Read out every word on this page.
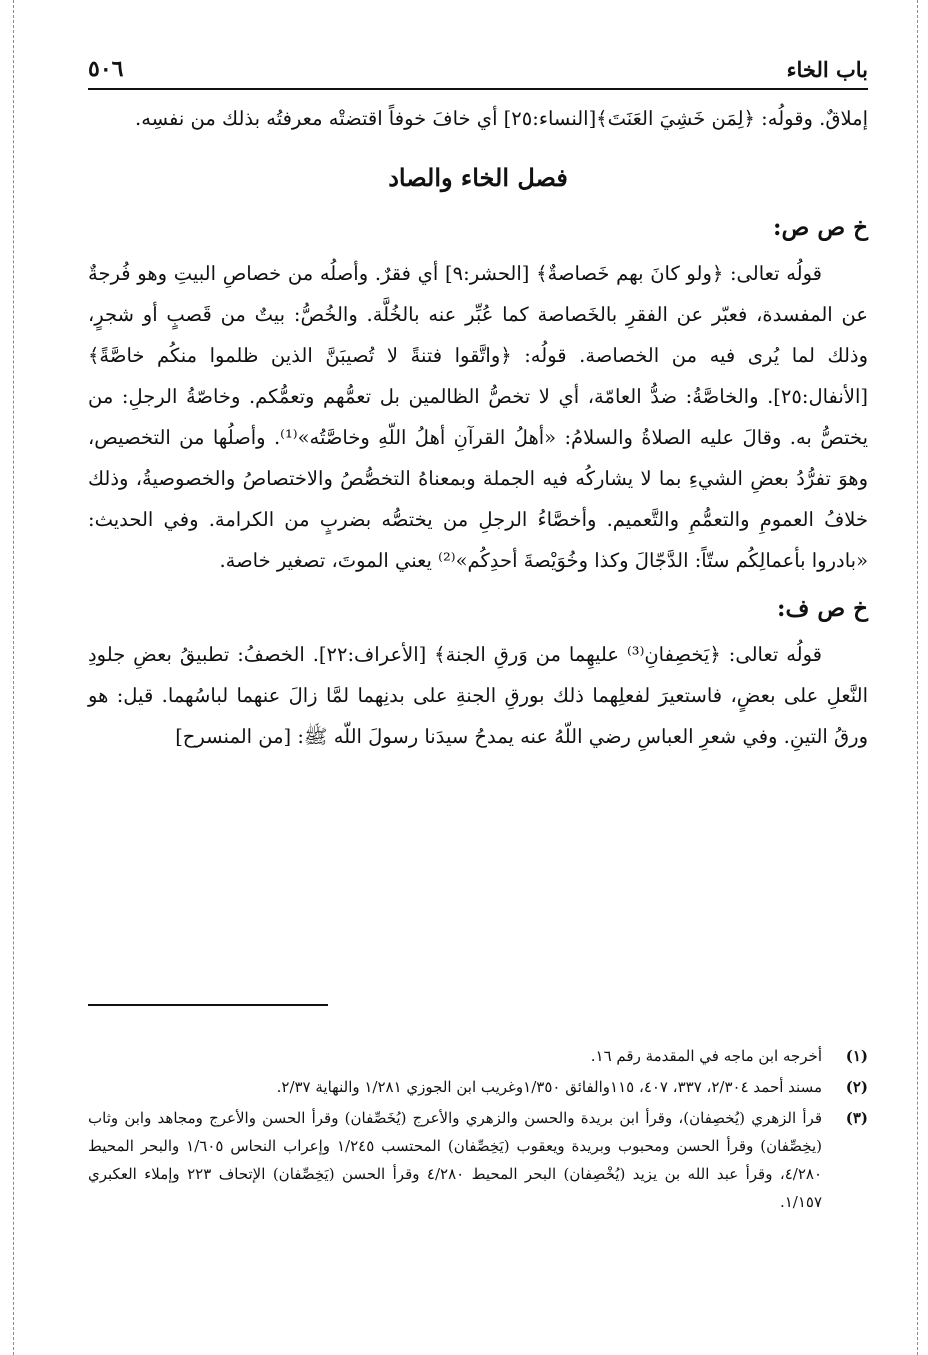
باب الخاء
٥٠٦

إملاقٌ. وقولُه: ﴿لِمَن خَشِيَ العَنَتَ﴾[النساء:٢٥] أي خافَ خوفاً اقتضتْه معرفتُه بذلك من نفسِه.

فصل الخاء والصاد
خ ص ص:

قولُه تعالى: ﴿ولو كانَ بهم خَصاصةٌ﴾ [الحشر:٩] أي فقرٌ. وأصلُه من خصاصِ البيتِ وهو فُرجةٌ عن المفسدة، فعبّر عن الفقرِ بالخَصاصة كما عُبِّر عنه بالخُلَّة. والخُصُّ: بيتٌ من قَصبٍ أو شجرٍ، وذلك لما يُرى فيه من الخصاصة. قولُه: ﴿واتَّقوا فتنةً لا تُصيبَنَّ الذين ظلموا منكُم خاصَّةً﴾ [الأنفال:٢٥]. والخاصَّةُ: ضدُّ العامّة، أي لا تخصُّ الظالمين بل تعمُّهم وتعمُّكم. وخاصّةُ الرجلِ: من يختصُّ به. وقالَ عليه الصلاةُ والسلامُ: «أهلُ القرآنِ أهلُ اللّهِ وخاصَّتُه»⁽¹⁾. وأصلُها من التخصيص، وهوَ تفرُّدُ بعضِ الشيءِ بما لا يشاركُه فيه الجملة وبمعناهُ التخصُّصُ والاختصاصُ والخصوصيةُ، وذلك خلافُ العمومِ والتعمُّمِ والتَّعميم. وأخصَّاءُ الرجلِ من يختصُّه بضربٍ من الكرامة. وفي الحديث: «بادروا بأعمالِكُم ستّاً: الدَّجّالَ وكذا وخُوَيْصةَ أحدِكُم»⁽²⁾ يعني الموتَ، تصغير خاصة.

خ ص ف:

قولُه تعالى: ﴿يَخصِفانِ⁽³⁾ عليهِما من وَرقِ الجنة﴾ [الأعراف:٢٢]. الخصفُ: تطبيقُ بعضِ جلودِ النَّعلِ على بعضٍ، فاستعيرَ لفعلِهما ذلك بورقِ الجنةِ على بدنِهما لمَّا زالَ عنهما لباسُهما. قيل: هو ورقُ التينِ. وفي شعرِ العباسِ رضي اللّهُ عنه يمدحُ سيدَنا رسولَ اللّه ﷺ: [من المنسرح]

(١)
أخرجه ابن ماجه في المقدمة رقم ١٦.
(٢)
مسند أحمد ٢/٣٠٤، ٣٣٧، ٤٠٧، ١١٥والفائق ١/٣٥٠وغريب ابن الجوزي ١/٢٨١ والنهاية ٢/٣٧.
(٣)
قرأ الزهري (يُخصِفان)، وقرأ ابن بريدة والحسن والزهري والأعرج (يُخَصِّفان) وقرأ الحسن والأعرج ومجاهد وابن وثاب (يخِصِّفان) وقرأ الحسن ومحبوب وبريدة ويعقوب (يَخِصِّفان) المحتسب ١/٢٤٥ وإعراب النحاس ١/٦٠٥ والبحر المحيط ٤/٢٨٠، وقرأ عبد الله بن يزيد (يُخْصِفان) البحر المحيط ٤/٢٨٠ وقرأ الحسن (يَخِصِّفان) الإتحاف ٢٢٣ وإملاء العكبري ١/١٥٧.
